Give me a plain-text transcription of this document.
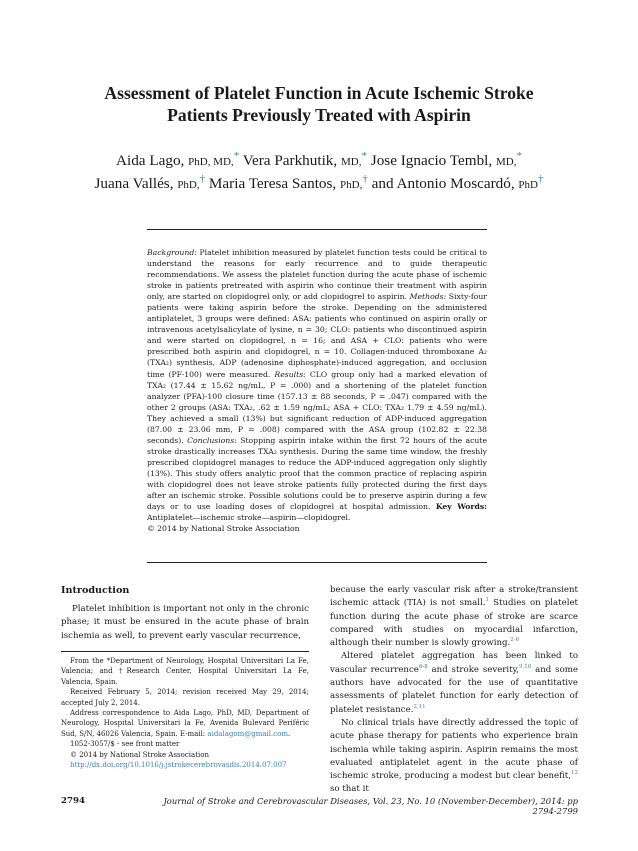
Assessment of Platelet Function in Acute Ischemic Stroke
Patients Previously Treated with Aspirin

Aida Lago, PhD, MD,* Vera Parkhutik, MD,* Jose Ignacio Tembl, MD,*
Juana Vallés, PhD,† Maria Teresa Santos, PhD,† and Antonio Moscardó, PhD†

Background: Platelet inhibition measured by platelet function tests could be critical to understand the reasons for early recurrence and to guide therapeutic recommendations. We assess the platelet function during the acute phase of ischemic stroke in patients pretreated with aspirin who continue their treatment with aspirin only, are started on clopidogrel only, or add clopidogrel to aspirin. Methods: Sixty-four patients were taking aspirin before the stroke. Depending on the administered antiplatelet, 3 groups were defined: ASA: patients who continued on aspirin orally or intravenous acetylsalicylate of lysine, n = 30; CLO: patients who discontinued aspirin and were started on clopidogrel, n = 16; and ASA + CLO: patients who were prescribed both aspirin and clopidogrel, n = 10. Collagen-induced thromboxane A₂ (TXA₂) synthesis, ADP (adenosine diphosphate)-induced aggregation, and occlusion time (PF-100) were measured. Results: CLO group only had a marked elevation of TXA₂ (17.44 ± 15.62 ng/mL, P = .000) and a shortening of the platelet function analyzer (PFA)-100 closure time (157.13 ± 88 seconds, P = .047) compared with the other 2 groups (ASA: TXA₂, .62 ± 1.59 ng/mL; ASA + CLO: TXA₂ 1.79 ± 4.59 ng/mL). They achieved a small (13%) but significant reduction of ADP-induced aggregation (87.00 ± 23.06 mm, P = .008) compared with the ASA group (102.82 ± 22.38 seconds). Conclusions: Stopping aspirin intake within the first 72 hours of the acute stroke drastically increases TXA₂ synthesis. During the same time window, the freshly prescribed clopidogrel manages to reduce the ADP-induced aggregation only slightly (13%). This study offers analytic proof that the common practice of replacing aspirin with clopidogrel does not leave stroke patients fully protected during the first days after an ischemic stroke. Possible solutions could be to preserve aspirin during a few days or to use loading doses of clopidogrel at hospital admission. Key Words: Antiplatelet—ischemic stroke—aspirin—clopidogrel.
© 2014 by National Stroke Association

Introduction

Platelet inhibition is important not only in the chronic phase; it must be ensured in the acute phase of brain ischemia as well, to prevent early vascular recurrence,

From the *Department of Neurology, Hospital Universitari La Fe, Valencia; and †Research Center, Hospital Universitari La Fe, Valencia, Spain.

Received February 5, 2014; revision received May 29, 2014; accepted July 2, 2014.

Address correspondence to Aida Lago, PhD, MD, Department of Neurology, Hospital Universitari la Fe, Avenida Bulevard Periféric Sud, S/N, 46026 Valencia, Spain. E-mail: aidalagom@gmail.com.

1052-3057/$ - see front matter

© 2014 by National Stroke Association

http://dx.doi.org/10.1016/j.jstrokecerebrovasdis.2014.07.007

because the early vascular risk after a stroke/transient ischemic attack (TIA) is not small.$^1$ Studies on platelet function during the acute phase of stroke are scarce compared with studies on myocardial infarction, although their number is slowly growing.$^{2-6}$

Altered platelet aggregation has been linked to vascular recurrence$^{6-8}$ and stroke severity,$^{9,10}$ and some authors have advocated for the use of quantitative assessments of platelet function for early detection of platelet resistance.$^{2,11}$

No clinical trials have directly addressed the topic of acute phase therapy for patients who experience brain ischemia while taking aspirin. Aspirin remains the most evaluated antiplatelet agent in the acute phase of ischemic stroke, producing a modest but clear benefit,$^{12}$ so that it

2794	Journal of Stroke and Cerebrovascular Diseases, Vol. 23, No. 10 (November-December), 2014: pp 2794-2799
